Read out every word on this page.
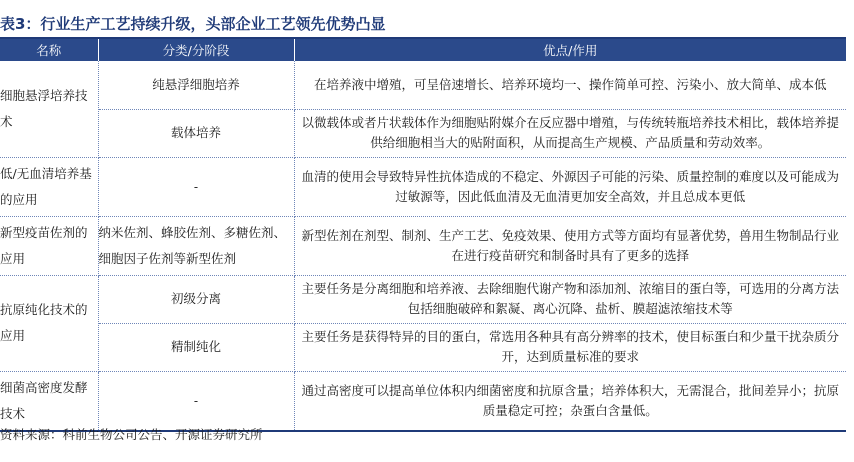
表3：行业生产工艺持续升级，头部企业工艺领先优势凸显
名称	分类/分阶段	优点/作用
细胞悬浮培养技术	纯悬浮细胞培养	在培养液中增殖，可呈倍速增长、培养环境均一、操作简单可控、污染小、放大简单、成本低
	载体培养	以微载体或者片状载体作为细胞贴附媒介在反应器中增殖，与传统转瓶培养技术相比，载体培养提供给细胞相当大的贴附面积，从而提高生产规模、产品质量和劳动效率。
低/无血清培养基的应用	-	血清的使用会导致特异性抗体造成的不稳定、外源因子可能的污染、质量控制的难度以及可能成为过敏源等，因此低血清及无血清更加安全高效，并且总成本更低
新型疫苗佐剂的应用	纳米佐剂、蜂胶佐剂、多糖佐剂、细胞因子佐剂等新型佐剂	新型佐剂在剂型、制剂、生产工艺、免疫效果、使用方式等方面均有显著优势，兽用生物制品行业在进行疫苗研究和制备时具有了更多的选择
抗原纯化技术的应用	初级分离	主要任务是分离细胞和培养液、去除细胞代谢产物和添加剂、浓缩目的蛋白等，可选用的分离方法包括细胞破碎和絮凝、离心沉降、盐析、膜超滤浓缩技术等
	精制纯化	主要任务是获得特异的目的蛋白，常选用各种具有高分辨率的技术，使目标蛋白和少量干扰杂质分开，达到质量标准的要求
细菌高密度发酵技术	-	通过高密度可以提高单位体积内细菌密度和抗原含量；培养体积大，无需混合，批间差异小；抗原质量稳定可控；杂蛋白含量低。
资料来源：科前生物公司公告、开源证券研究所
